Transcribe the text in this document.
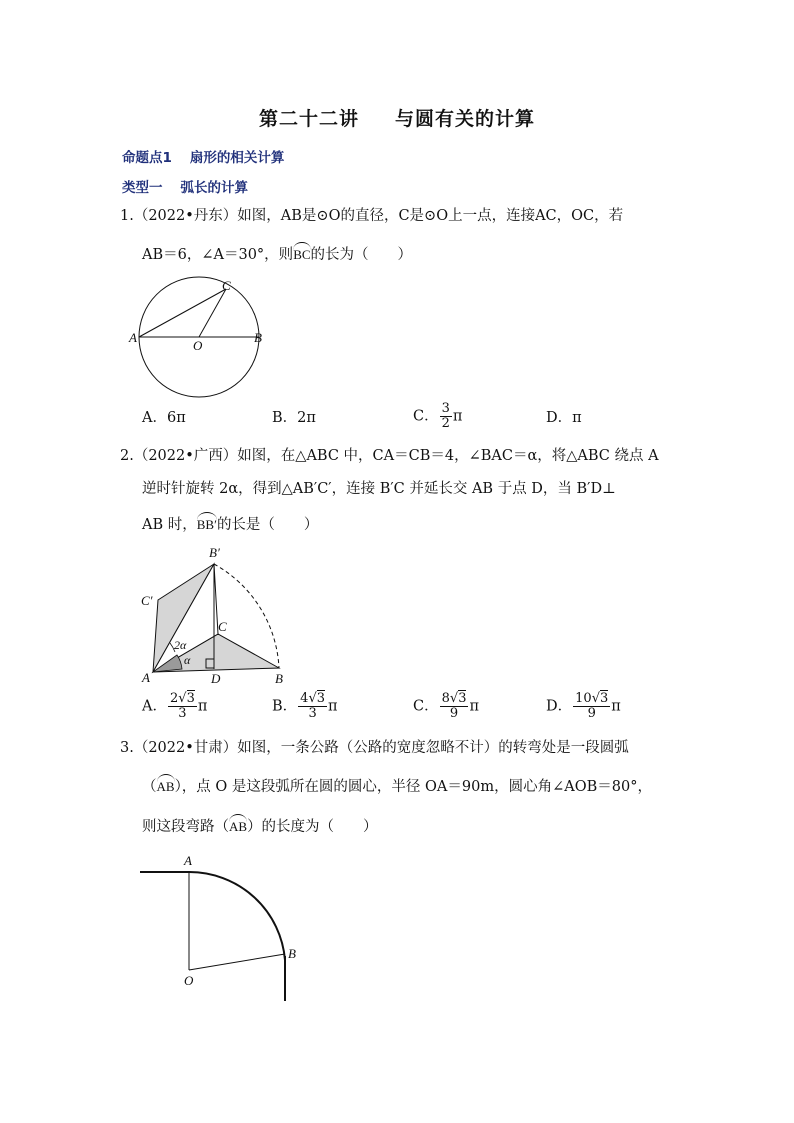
第二十二讲 与圆有关的计算
命题点1 扇形的相关计算
类型一 弧长的计算
1.（2022•丹东）如图，AB是⊙O的直径，C是⊙O上一点，连接AC，OC，若
AB＝6，∠A＝30°，则BC的长为（　　）
A	B
C
O
A．6π	B．2π	C． $\frac{3}{2}$ π	D．π
2.（2022•广西）如图，在△ABC 中，CA＝CB＝4，∠BAC＝α，将△ABC 绕点 A
逆时针旋转 2α，得到△AB′C′，连接 B′C 并延长交 AB 于点 D，当 B′D⊥
AB 时，BB′的长是（　　）
B′
C′
C
A	D	B
2α
α
A． $\frac{2√3}{3}$ π	B． $\frac{4√3}{3}$ π	C． $\frac{8√3}{9}$ π	D． $\frac{10√3}{9}$ π
3.（2022•甘肃）如图，一条公路（公路的宽度忽略不计）的转弯处是一段圆弧
（AB），点 O 是这段弧所在圆的圆心，半径 OA＝90m，圆心角∠AOB＝80°，
则这段弯路（AB）的长度为（　　）
A
B
O
